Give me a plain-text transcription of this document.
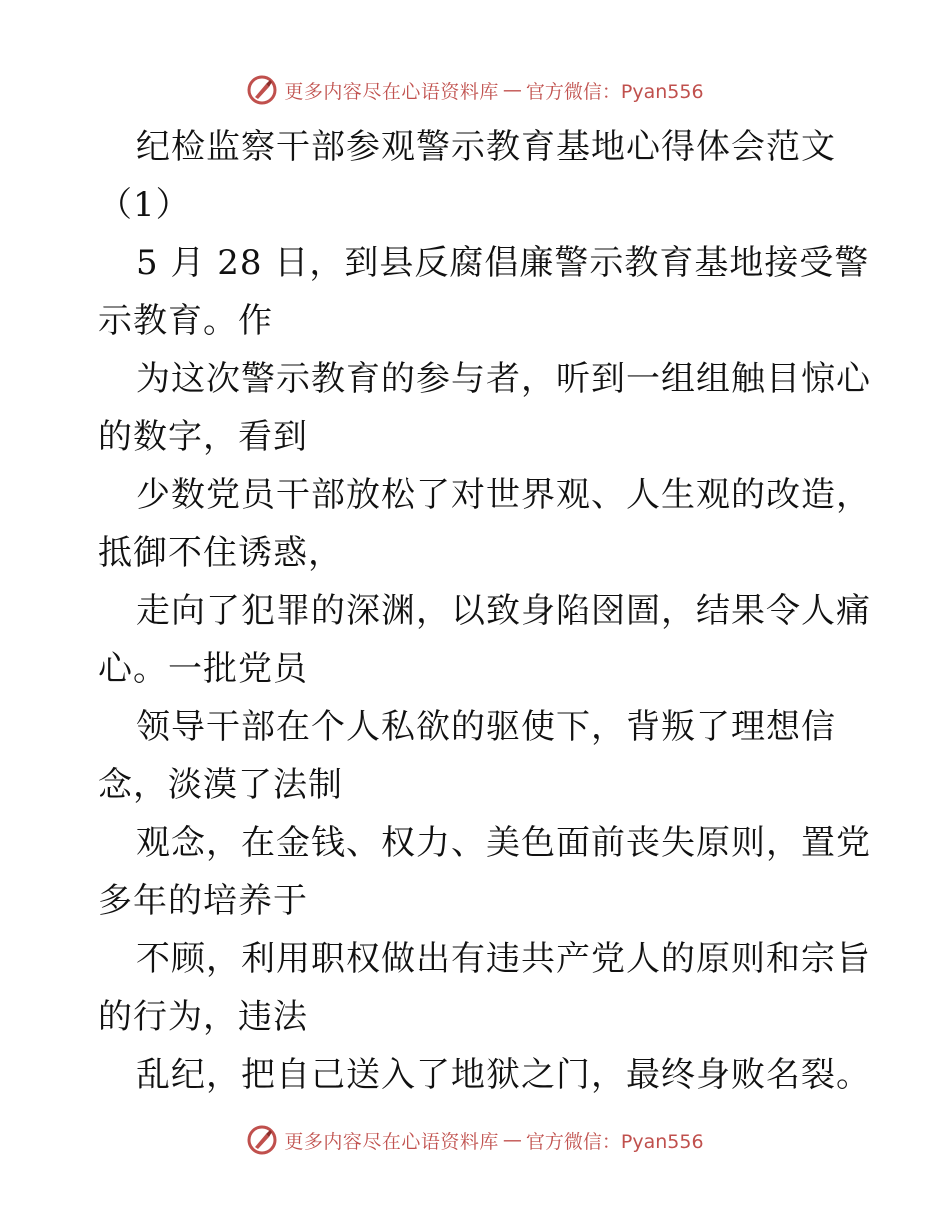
更多内容尽在心语资料库 — 官方微信：Pyan556
纪检监察干部参观警示教育基地心得体会范文
（1）
5 月 28 日，到县反腐倡廉警示教育基地接受警
示教育。作
为这次警示教育的参与者，听到一组组触目惊心
的数字，看到
少数党员干部放松了对世界观、人生观的改造，
抵御不住诱惑，
走向了犯罪的深渊，以致身陷囹圄，结果令人痛
心。一批党员
领导干部在个人私欲的驱使下，背叛了理想信
念，淡漠了法制
观念，在金钱、权力、美色面前丧失原则，置党
多年的培养于
不顾，利用职权做出有违共产党人的原则和宗旨
的行为，违法
乱纪，把自己送入了地狱之门，最终身败名裂。
更多内容尽在心语资料库 — 官方微信：Pyan556
